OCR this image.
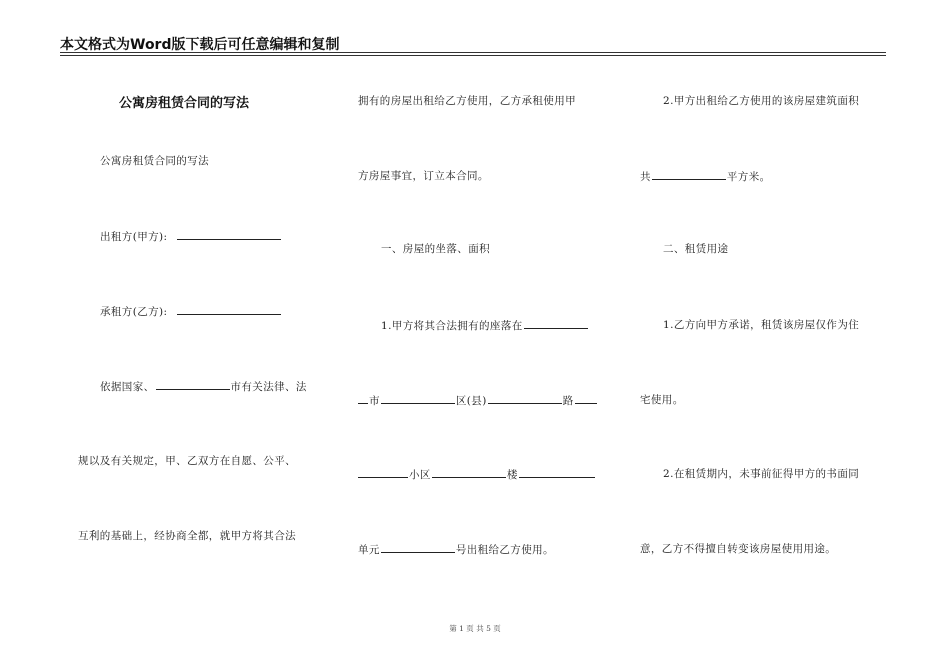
本文格式为Word版下载后可任意编辑和复制
公寓房租赁合同的写法
公寓房租赁合同的写法
出租方(甲方):
承租方(乙方):
依据国家、	市有关法律、法
规以及有关规定，甲、乙双方在自愿、公平、
互利的基础上，经协商全都，就甲方将其合法
拥有的房屋出租给乙方使用，乙方承租使用甲
方房屋事宜，订立本合同。
一、房屋的坐落、面积
1.甲方将其合法拥有的座落在
市	区(县)	路
小区	楼
单元	号出租给乙方使用。
2.甲方出租给乙方使用的该房屋建筑面积
共	平方米。
二、租赁用途
1.乙方向甲方承诺，租赁该房屋仅作为住
宅使用。
2.在租赁期内，未事前征得甲方的书面同
意，乙方不得擅自转变该房屋使用用途。
第 1 页 共 5 页
